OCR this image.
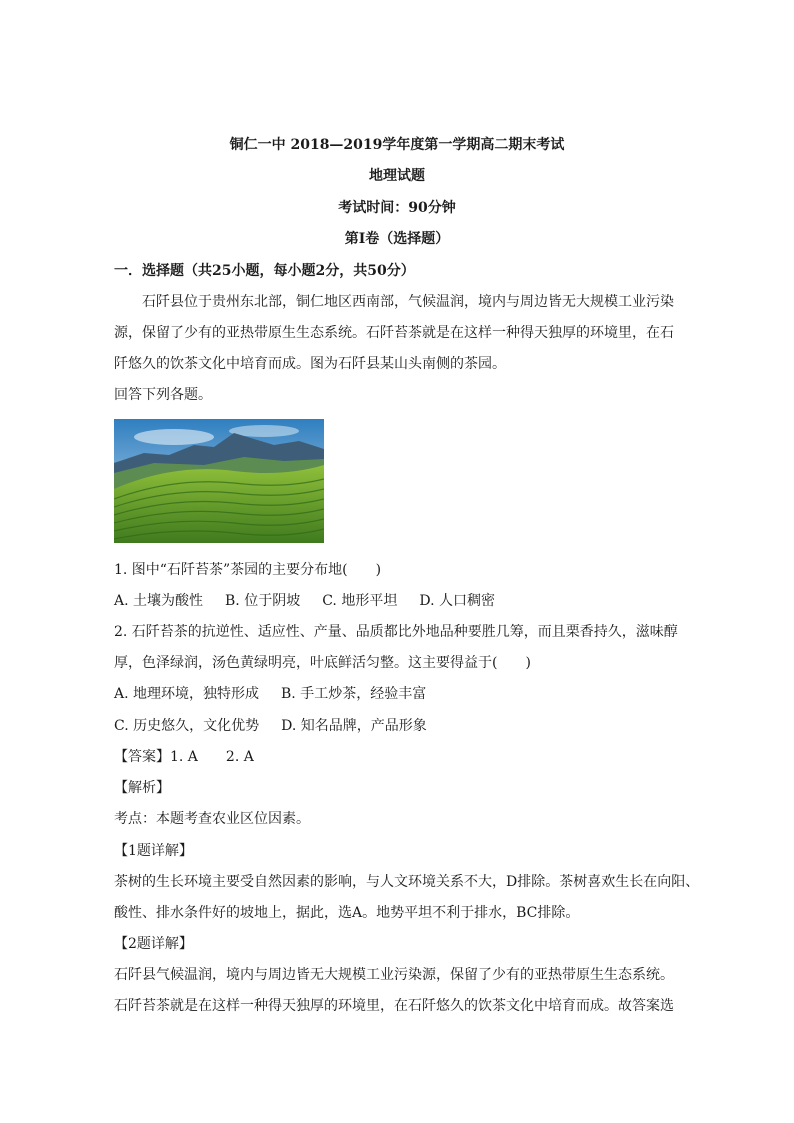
铜仁一中 2018—2019学年度第一学期高二期末考试
地理试题
考试时间：90分钟
第Ⅰ卷（选择题）
一．选择题（共25小题，每小题2分，共50分）
石阡县位于贵州东北部，铜仁地区西南部，气候温润，境内与周边皆无大规模工业污染
源，保留了少有的亚热带原生生态系统。石阡苔茶就是在这样一种得天独厚的环境里，在石
阡悠久的饮茶文化中培育而成。图为石阡县某山头南侧的茶园。
回答下列各题。
1. 图中“石阡苔茶”茶园的主要分布地(　　)
A. 土壤为酸性 B. 位于阴坡 C. 地形平坦 D. 人口稠密
2. 石阡苔茶的抗逆性、适应性、产量、品质都比外地品种要胜几筹，而且栗香持久，滋味醇
厚，色泽绿润，汤色黄绿明亮，叶底鲜活匀整。这主要得益于(　　)
A. 地理环境，独特形成 B. 手工炒茶，经验丰富
C. 历史悠久，文化优势 D. 知名品牌，产品形象
【答案】1. A　　2. A
【解析】
考点：本题考查农业区位因素。
【1题详解】
茶树的生长环境主要受自然因素的影响，与人文环境关系不大，D排除。茶树喜欢生长在向阳、
酸性、排水条件好的坡地上，据此，选A。地势平坦不利于排水，BC排除。
【2题详解】
石阡县气候温润，境内与周边皆无大规模工业污染源，保留了少有的亚热带原生生态系统。
石阡苔茶就是在这样一种得天独厚的环境里，在石阡悠久的饮茶文化中培育而成。故答案选
